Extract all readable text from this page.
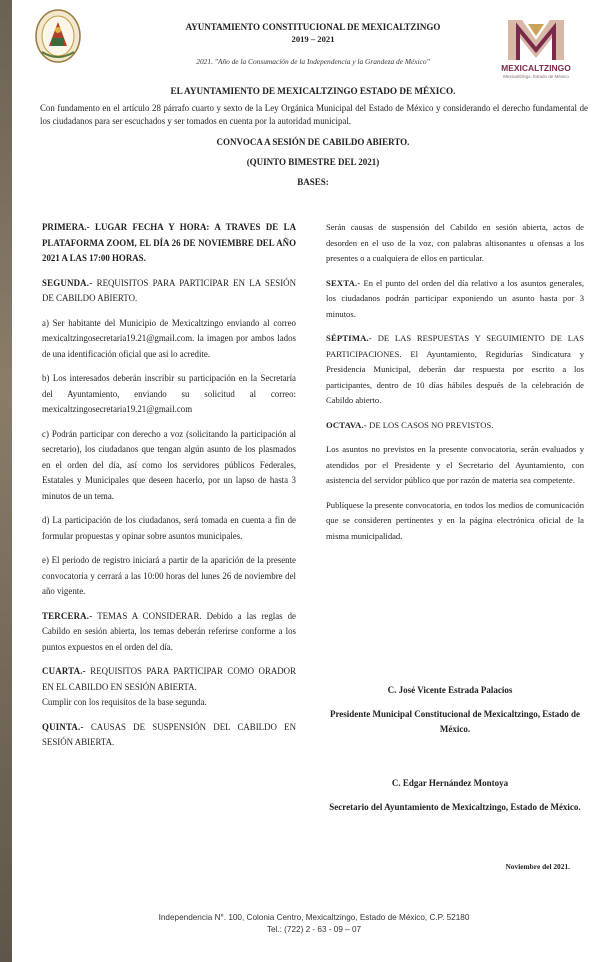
AYUNTAMIENTO CONSTITUCIONAL DE MEXICALTZINGO
2019 – 2021
2021. "Año de la Consumación de la Independencia y la Grandeza de México"
MEXICALTZINGO
Mexicaltzingo, Estado de México
EL AYUNTAMIENTO DE MEXICALTZINGO ESTADO DE MÉXICO.
Con fundamento en el artículo 28 párrafo cuarto y sexto de la Ley Orgánica Municipal del Estado de México y considerando el derecho fundamental de los ciudadanos para ser escuchados y ser tomados en cuenta por la autoridad municipal.
CONVOCA A SESIÓN DE CABILDO ABIERTO.
(QUINTO BIMESTRE DEL 2021)
BASES:

PRIMERA.- LUGAR FECHA Y HORA: A TRAVES DE LA PLATAFORMA ZOOM, EL DÍA 26 DE NOVIEMBRE DEL AÑO 2021 A LAS 17:00 HORAS.

SEGUNDA.- REQUISITOS PARA PARTICIPAR EN LA SESIÓN DE CABILDO ABIERTO.

a) Ser habitante del Municipio de Mexicaltzingo enviando al correo mexicaltzingosecretaria19.21@gmail.com. la imagen por ambos lados de una identificación oficial que así lo acredite.

b) Los interesados deberán inscribir su participación en la Secretaría del Ayuntamiento, enviando su solicitud al correo: mexicaltzingosecretaria19.21@gmail.com

c) Podrán participar con derecho a voz (solicitando la participación al secretario), los ciudadanos que tengan algún asunto de los plasmados en el orden del día, así como los servidores públicos Federales, Estatales y Municipales que deseen hacerlo, por un lapso de hasta 3 minutos de un tema.

d) La participación de los ciudadanos, será tomada en cuenta a fin de formular propuestas y opinar sobre asuntos municipales.

e) El periodo de registro iniciará a partir de la aparición de la presente convocatoria y cerrará a las 10:00 horas del lunes 26 de noviembre del año vigente.

TERCERA.- TEMAS A CONSIDERAR. Debido a las reglas de Cabildo en sesión abierta, los temas deberán referirse conforme a los puntos expuestos en el orden del día.

CUARTA.- REQUISITOS PARA PARTICIPAR COMO ORADOR EN EL CABILDO EN SESIÓN ABIERTA.

Cumplir con los requisitos de la base segunda.

QUINTA.- CAUSAS DE SUSPENSIÓN DEL CABILDO EN SESIÓN ABIERTA.

Serán causas de suspensión del Cabildo en sesión abierta, actos de desorden en el uso de la voz, con palabras altisonantes u ofensas a los presentes o a cualquiera de ellos en particular.

SEXTA.- En el punto del orden del día relativo a los asuntos generales, los ciudadanos podrán participar exponiendo un asunto hasta por 3 minutos.

SÉPTIMA.- DE LAS RESPUESTAS Y SEGUIMIENTO DE LAS PARTICIPACIONES. El Ayuntamiento, Regidurías Sindicatura y Presidencia Municipal, deberán dar respuesta por escrito a los participantes, dentro de 10 días hábiles después de la celebración de Cabildo abierto.

OCTAVA.- DE LOS CASOS NO PREVISTOS.

Los asuntos no previstos en la presente convocatoria, serán evaluados y atendidos por el Presidente y el Secretario del Ayuntamiento, con asistencia del servidor público que por razón de materia sea competente.

Publíquese la presente convocatoria, en todos los medios de comunicación que se consideren pertinentes y en la página electrónica oficial de la misma municipalidad.

C. José Vicente Estrada Palacios
Presidente Municipal Constitucional de Mexicaltzingo, Estado de México.
C. Edgar Hernández Montoya
Secretario del Ayuntamiento de Mexicaltzingo, Estado de México.
Noviembre del 2021.
Independencia N°. 100, Colonia Centro, Mexicaltzingo, Estado de México, C.P. 52180
Tel.: (722) 2 - 63 - 09 – 07
